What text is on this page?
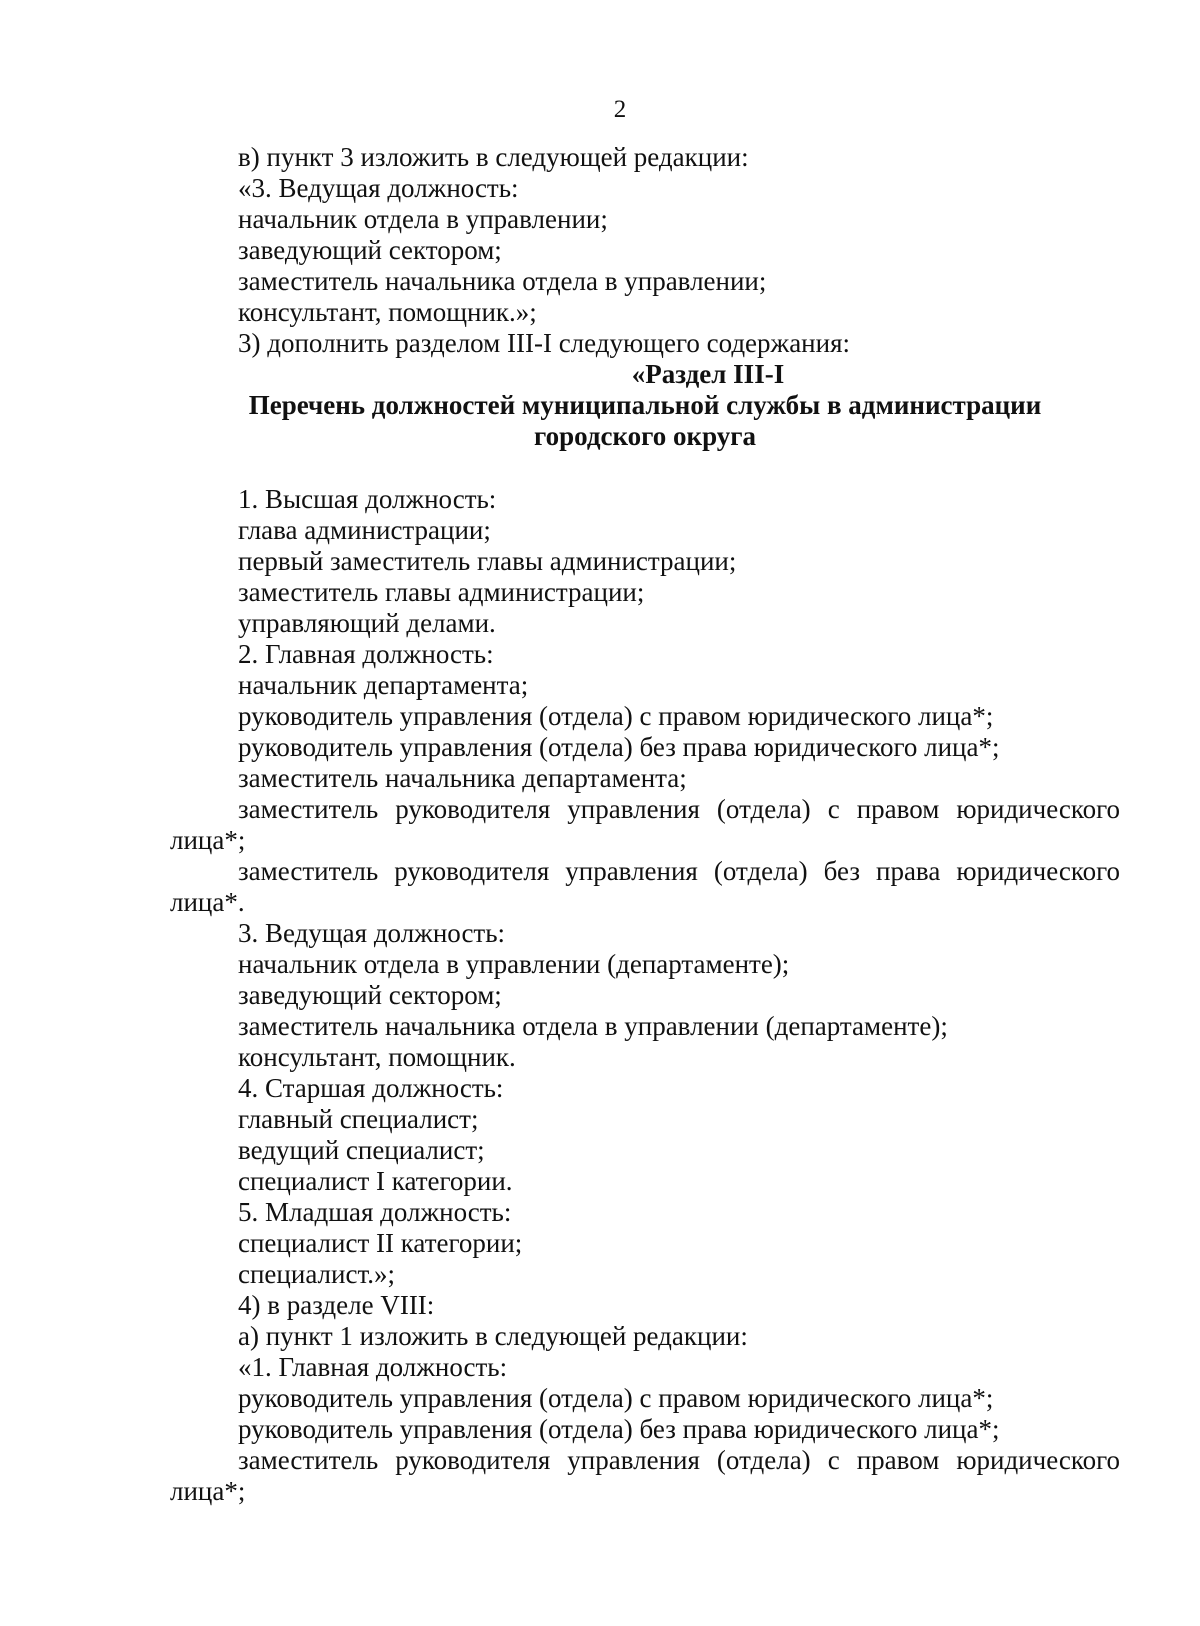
2
в) пункт 3 изложить в следующей редакции:
«3. Ведущая должность:
начальник отдела в управлении;
заведующий сектором;
заместитель начальника отдела в управлении;
консультант, помощник.»;
3) дополнить разделом III-I следующего содержания:
«Раздел III-I
Перечень должностей муниципальной службы в администрации
городского округа
1. Высшая должность:
глава администрации;
первый заместитель главы администрации;
заместитель главы администрации;
управляющий делами.
2. Главная должность:
начальник департамента;
руководитель управления (отдела) с правом юридического лица*;
руководитель управления (отдела) без права юридического лица*;
заместитель начальника департамента;
заместитель руководителя управления (отдела) с правом юридического лица*;
заместитель руководителя управления (отдела) без права юридического лица*.
3. Ведущая должность:
начальник отдела в управлении (департаменте);
заведующий сектором;
заместитель начальника отдела в управлении (департаменте);
консультант, помощник.
4. Старшая должность:
главный специалист;
ведущий специалист;
специалист I категории.
5. Младшая должность:
специалист II категории;
специалист.»;
4) в разделе VIII:
а) пункт 1 изложить в следующей редакции:
«1. Главная должность:
руководитель управления (отдела) с правом юридического лица*;
руководитель управления (отдела) без права юридического лица*;
заместитель руководителя управления (отдела) с правом юридического лица*;
